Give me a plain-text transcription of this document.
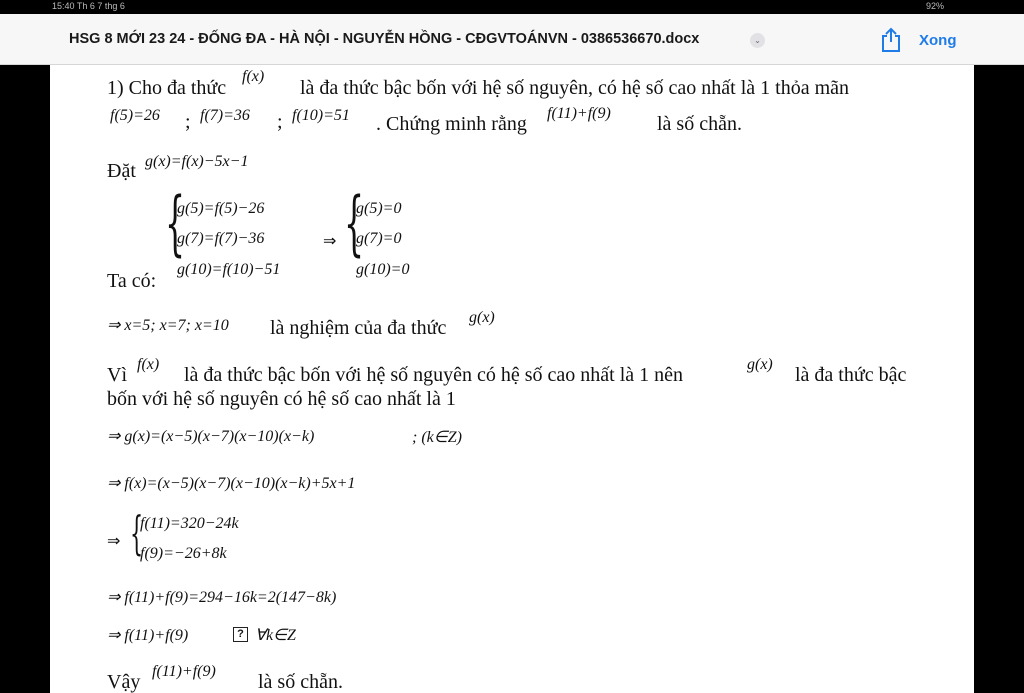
15:40 Th 6 7 thg 6	92%
HSG 8 MỚI 23 24 - ĐỐNG ĐA - HÀ NỘI - NGUYỄN HỒNG - CĐGVTOÁNVN - 0386536670.docx	⌄	Xong
1) Cho đa thức
f(x)
là đa thức bậc bốn với hệ số nguyên, có hệ số cao nhất là 1 thỏa mãn
f(5)=26 ; f(7)=36 ; f(10)=51 . Chứng minh rằng f(11)+f(9) là số chẵn.
Đặt g(x)=f(x)−5x−1
{
g(5)=f(5)−26
g(7)=f(7)−36
g(10)=f(10)−51
⇒ {
g(5)=0
g(7)=0
g(10)=0
Ta có:
⇒ x=5; x=7; x=10 là nghiệm của đa thức g(x)
Vì f(x) là đa thức bậc bốn với hệ số nguyên có hệ số cao nhất là 1 nên	g(x) là đa thức bậc
bốn với hệ số nguyên có hệ số cao nhất là 1
⇒ g(x)=(x−5)(x−7)(x−10)(x−k)	; (k∈Z)
⇒ f(x)=(x−5)(x−7)(x−10)(x−k)+5x+1
⇒ {
f(11)=320−24k
f(9)=−26+8k
⇒ f(11)+f(9)=294−16k=2(147−8k)
⇒ f(11)+f(9)	? ∀k∈Z
Vậy f(11)+f(9) là số chẵn.
